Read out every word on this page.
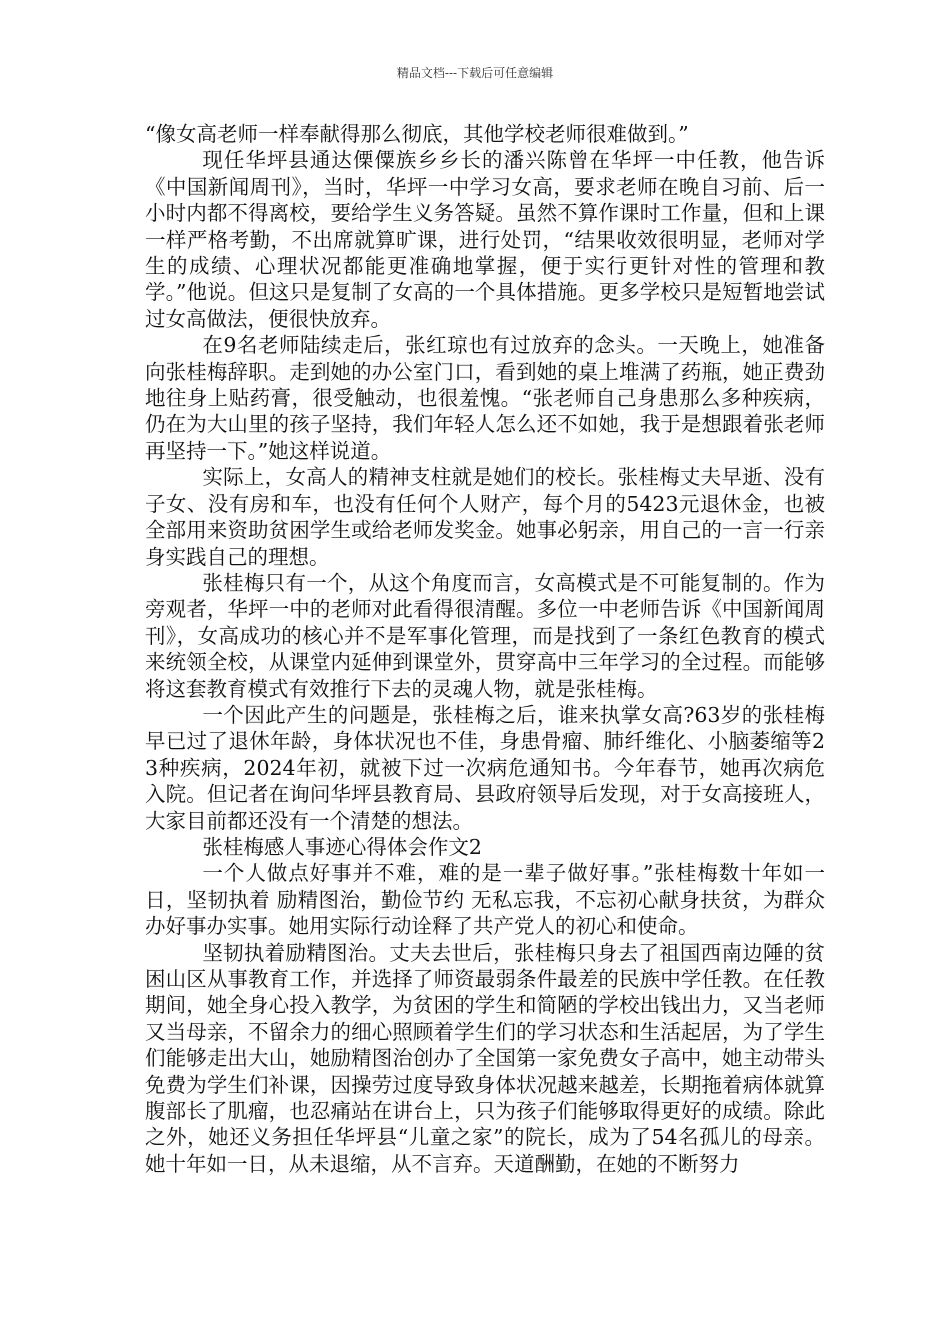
精品文档---下载后可任意编辑

“像女高老师一样奉献得那么彻底，其他学校老师很难做到。”

现任华坪县通达傈僳族乡乡长的潘兴陈曾在华坪一中任教，他告诉《中国新闻周刊》，当时，华坪一中学习女高，要求老师在晚自习前、后一小时内都不得离校，要给学生义务答疑。虽然不算作课时工作量，但和上课一样严格考勤，不出席就算旷课，进行处罚，“结果收效很明显，老师对学生的成绩、心理状况都能更准确地掌握，便于实行更针对性的管理和教学。”他说。但这只是复制了女高的一个具体措施。更多学校只是短暂地尝试过女高做法，便很快放弃。

在9名老师陆续走后，张红琼也有过放弃的念头。一天晚上，她准备向张桂梅辞职。走到她的办公室门口，看到她的桌上堆满了药瓶，她正费劲地往身上贴药膏，很受触动，也很羞愧。“张老师自己身患那么多种疾病，仍在为大山里的孩子坚持，我们年轻人怎么还不如她，我于是想跟着张老师再坚持一下。”她这样说道。

实际上，女高人的精神支柱就是她们的校长。张桂梅丈夫早逝、没有子女、没有房和车，也没有任何个人财产，每个月的5423元退休金，也被全部用来资助贫困学生或给老师发奖金。她事必躬亲，用自己的一言一行亲身实践自己的理想。

张桂梅只有一个，从这个角度而言，女高模式是不可能复制的。作为旁观者，华坪一中的老师对此看得很清醒。多位一中老师告诉《中国新闻周刊》，女高成功的核心并不是军事化管理，而是找到了一条红色教育的模式来统领全校，从课堂内延伸到课堂外，贯穿高中三年学习的全过程。而能够将这套教育模式有效推行下去的灵魂人物，就是张桂梅。

一个因此产生的问题是，张桂梅之后，谁来执掌女高?63岁的张桂梅早已过了退休年龄，身体状况也不佳，身患骨瘤、肺纤维化、小脑萎缩等23种疾病，2024年初，就被下过一次病危通知书。今年春节，她再次病危入院。但记者在询问华坪县教育局、县政府领导后发现，对于女高接班人，大家目前都还没有一个清楚的想法。

张桂梅感人事迹心得体会作文2

一个人做点好事并不难，难的是一辈子做好事。”张桂梅数十年如一日，坚韧执着 励精图治，勤俭节约 无私忘我，不忘初心献身扶贫，为群众办好事办实事。她用实际行动诠释了共产党人的初心和使命。

坚韧执着励精图治。丈夫去世后，张桂梅只身去了祖国西南边陲的贫困山区从事教育工作，并选择了师资最弱条件最差的民族中学任教。在任教期间，她全身心投入教学，为贫困的学生和简陋的学校出钱出力，又当老师又当母亲，不留余力的细心照顾着学生们的学习状态和生活起居，为了学生们能够走出大山，她励精图治创办了全国第一家免费女子高中，她主动带头免费为学生们补课，因操劳过度导致身体状况越来越差，长期拖着病体就算腹部长了肌瘤，也忍痛站在讲台上，只为孩子们能够取得更好的成绩。除此之外，她还义务担任华坪县“儿童之家”的院长，成为了54名孤儿的母亲。她十年如一日，从未退缩，从不言弃。天道酬勤，在她的不断努力
